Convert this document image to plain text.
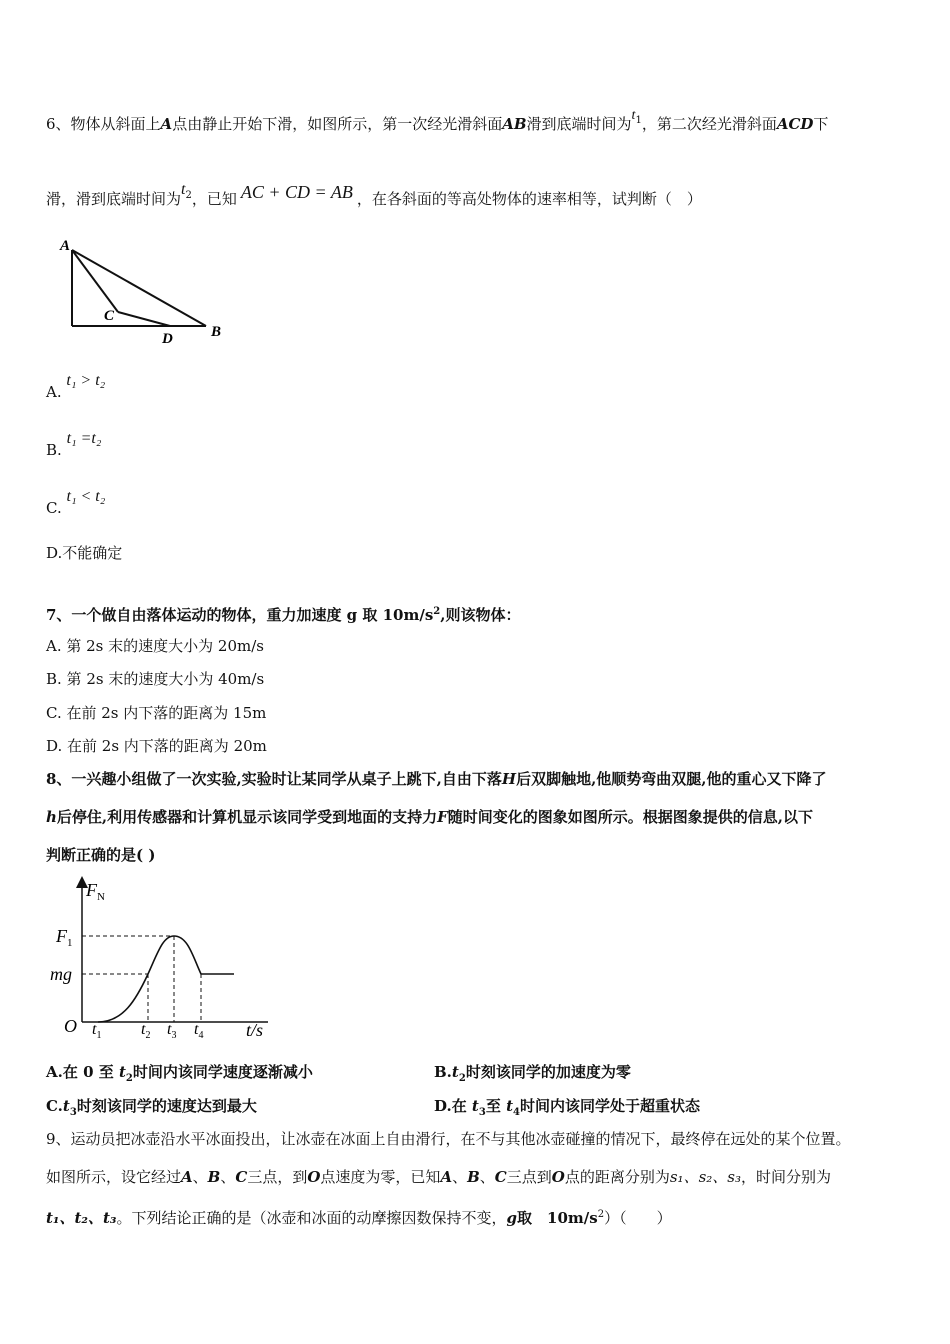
6、物体从斜面上A点由静止开始下滑，如图所示，第一次经光滑斜面AB滑到底端时间为$t_1$，第二次经光滑斜面ACD下
滑，滑到底端时间为$t_2$，已知 AC + CD = AB ，在各斜面的等高处物体的速率相等，试判断（　）
A
B
C
D
A. t₁ > t₂
B. t₁ =t₂
C. t₁ < t₂
D.不能确定
7、一个做自由落体运动的物体，重力加速度 g 取 $10m/s^2$,则该物体：
A. 第 2s 末的速度大小为 20m/s
B. 第 2s 末的速度大小为 40m/s
C. 在前 2s 内下落的距离为 15m
D. 在前 2s 内下落的距离为 20m
8、一兴趣小组做了一次实验,实验时让某同学从桌子上跳下,自由下落H后双脚触地,他顺势弯曲双腿,他的重心又下降了
h后停住,利用传感器和计算机显示该同学受到地面的支持力F随时间变化的图象如图所示。根据图象提供的信息,以下
判断正确的是( )
$F_N$
$F_1$
mg
O $t_1$ $t_2$ $t_3$ $t_4$ t/s
A.在 0 至 $t_2$时间内该同学速度逐渐减小	$B.t_2$时刻该同学的加速度为零
$C.t_3$时刻该同学的速度达到最大	D.在 $t_3$至 $t_4$时间内该同学处于超重状态
9、运动员把冰壶沿水平冰面投出，让冰壶在冰面上自由滑行，在不与其他冰壶碰撞的情况下，最终停在远处的某个位置。
如图所示，设它经过A、B、C三点，到O点速度为零，已知A、B、C三点到O点的距离分别为s₁、s₂、s₃，时间分别为
t₁、t₂、t₃。下列结论正确的是（冰壶和冰面的动摩擦因数保持不变，g取　$10m/s^2$）（　　）
